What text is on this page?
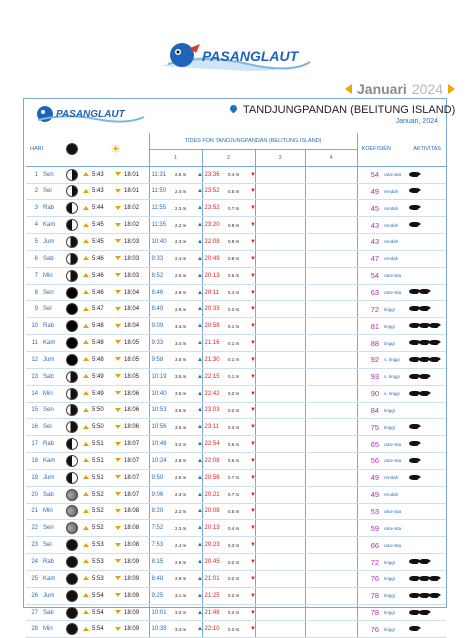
PASANGLAUT
Januari 2024
PASANGLAUT	TANDJUNGPANDAN (BELITUNG ISLAND)
Januari, 2024
HARI			☀		TIDES FOR TANDJUNGPANDAN (BELITUNG ISLAND)								KOEFISIEN		AKTIVITAS
					1			2			3	4			
1	Sen		5:43	18:01	11:31	2.5 m	▲	23:36	0.4 m	▼			54	rata-rata	
2	Sel		5:43	18:01	11:50	2.4 m	▲	23:52	0.5 m	▼			49	rendah	
3	Rab		5:44	18:02	11:55	2.3 m	▲	23:52	0.7 m	▼			45	rendah	
4	Kam		5:45	18:02	11:35	2.2 m	▲	23:20	0.8 m	▼			43	rendah	
5	Jum		5:45	18:03	10:40	2.3 m	▲	22:08	0.8 m	▼			43	rendah	
6	Sab		5:46	18:03	9:33	2.4 m	▲	20:49	0.8 m	▼			47	rendah	
7	Min		5:46	18:03	8:52	2.6 m	▲	20:13	0.6 m	▼			54	rata-rata	
8	Sen		5:46	18:04	8:46	2.9 m	▲	20:11	0.4 m	▼			63	rata-rata	
9	Sel		5:47	18:04	8:49	2.9 m	▲	20:33	0.2 m	▼			72	tinggi	
10	Rab		5:48	18:04	9:09	3.3 m	▲	20:58	0.1 m	▼			81	tinggi	
11	Kam		5:48	18:05	9:33	3.4 m	▲	21:16	0.1 m	▼			88	tinggi	
12	Jum		5:48	18:05	9:58	3.5 m	▲	21:30	0.1 m	▼			92	s. tinggi	
13	Sab		5:49	18:05	10:19	3.5 m	▲	22:15	0.1 m	▼			93	s. tinggi	
14	Min		5:49	18:06	10:40	3.5 m	▲	22:42	0.2 m	▼			90	s. tinggi	
15	Sen		5:50	18:06	10:53	3.5 m	▲	23:03	0.2 m	▼			84	tinggi	
16	Sel		5:50	18:06	10:56	3.5 m	▲	23:11	0.3 m	▼			75	tinggi	
17	Rab		5:51	18:07	10:46	3.2 m	▲	22:54	0.6 m	▼			65	rata-rata	
18	Kam		5:51	18:07	10:24	2.8 m	▲	22:08	0.6 m	▼			56	rata-rata	
19	Jum		5:51	18:07	9:50	2.5 m	▲	20:56	0.7 m	▼			49	rendah	
20	Sab		5:52	18:07	9:06	2.3 m	▲	20:21	0.7 m	▼			49	rendah	
21	Min		5:52	18:08	8:20	2.2 m	▲	20:08	0.5 m	▼			53	rata-rata	
22	Sen		5:52	18:08	7:52	2.3 m	▲	20:13	0.4 m	▼			59	rata-rata	
23	Sel		5:53	18:08	7:53	2.4 m	▲	20:23	0.3 m	▼			66	rata-rata	
24	Rab		5:53	18:09	8:15	2.6 m	▲	20:45	0.2 m	▼			72	tinggi	
25	Kam		5:53	18:09	8:48	2.9 m	▲	21:01	0.2 m	▼			76	tinggi	
26	Jum		5:54	18:09	9:25	3.1 m	▲	21:25	0.2 m	▼			78	tinggi	
27	Sab		5:54	18:09	10:01	3.3 m	▲	21:48	0.2 m	▼			78	tinggi	
28	Min		5:54	18:09	10:38	3.4 m	▲	22:10	0.2 m	▼			76	tinggi	
